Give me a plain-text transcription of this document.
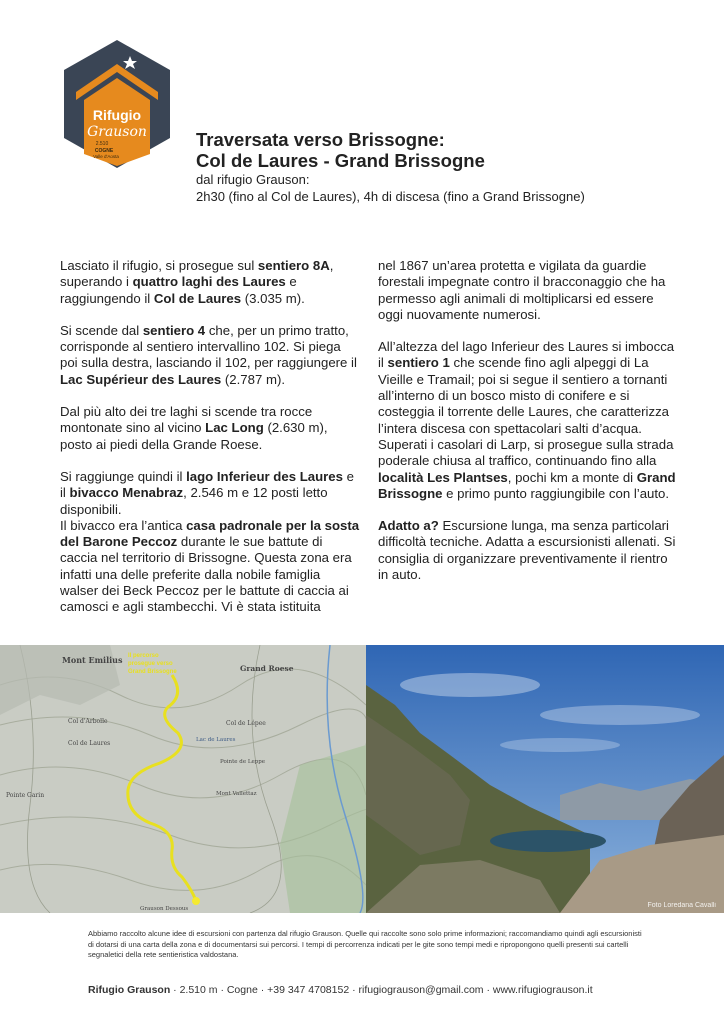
Rifugio
Grauson
2.510
COGNE
Valle d'Aosta
Traversata verso Brissogne:
Col de Laures - Grand Brissogne
dal rifugio Grauson:
2h30 (fino al Col de Laures), 4h di discesa (fino a Grand Brissogne)

Lasciato il rifugio, si prosegue sul sentiero 8A, superando i quattro laghi des Laures e raggiungendo il Col de Laures (3.035 m).

Si scende dal sentiero 4 che, per un primo tratto, corrisponde al sentiero intervallino 102. Si piega poi sulla destra, lasciando il 102, per raggiungere il Lac Supérieur des Laures (2.787 m).

Dal più alto dei tre laghi si scende tra rocce montonate sino al vicino Lac Long (2.630 m), posto ai piedi della Grande Roese.

Si raggiunge quindi il lago Inferieur des Laures e il bivacco Menabraz, 2.546 m e 12 posti letto disponibili.

Il bivacco era l’antica casa padronale per la sosta del Barone Peccoz durante le sue battute di caccia nel territorio di Brissogne. Questa zona era infatti una delle preferite dalla nobile famiglia walser dei Beck Peccoz per le battute di caccia ai camosci e agli stambecchi. Vi è stata istituita

nel 1867 un’area protetta e vigilata da guardie forestali impegnate contro il bracconaggio che ha permesso agli animali di moltiplicarsi ed essere oggi nuovamente numerosi.

All’altezza del lago Inferieur des Laures si imbocca il sentiero 1 che scende fino agli alpeggi di La Vieille e Tramail; poi si segue il sentiero a tornanti all’interno di un bosco misto di conifere e si costeggia il torrente delle Laures, che caratterizza l’intera discesa con spettacolari salti d’acqua.

Superati i casolari di Larp, si prosegue sulla strada poderale chiusa al traffico, continuando fino alla località Les Plantses, pochi km a monte di Grand Brissogne e primo punto raggiungibile con l’auto.

Adatto a? Escursione lunga, ma senza particolari difficoltà tecniche. Adatta a escursionisti allenati. Si consiglia di organizzare preventivamente il rientro in auto.

Il percorso
prosegue verso
Grand Brissogne
Mont Emilius
Grand Roese
Col d'Arbolle
Col de Laures	Lac de Laures
Col de Lépee
Pointe de Leppe
Pointe Garin	Mont Vallettaz
Grauson Dessous	Foto Loredana Cavalli
Abbiamo raccolto alcune idee di escursioni con partenza dal rifugio Grauson. Quelle qui raccolte sono solo prime informazioni; raccomandiamo quindi agli escursionisti di dotarsi di una carta della zona e di documentarsi sui percorsi. I tempi di percorrenza indicati per le gite sono tempi medi e ripropongono quelli presenti sui cartelli segnaletici della rete sentieristica valdostana.
Rifugio Grauson · 2.510 m · Cogne · +39 347 4708152 · rifugiograuson@gmail.com · www.rifugiograuson.it
